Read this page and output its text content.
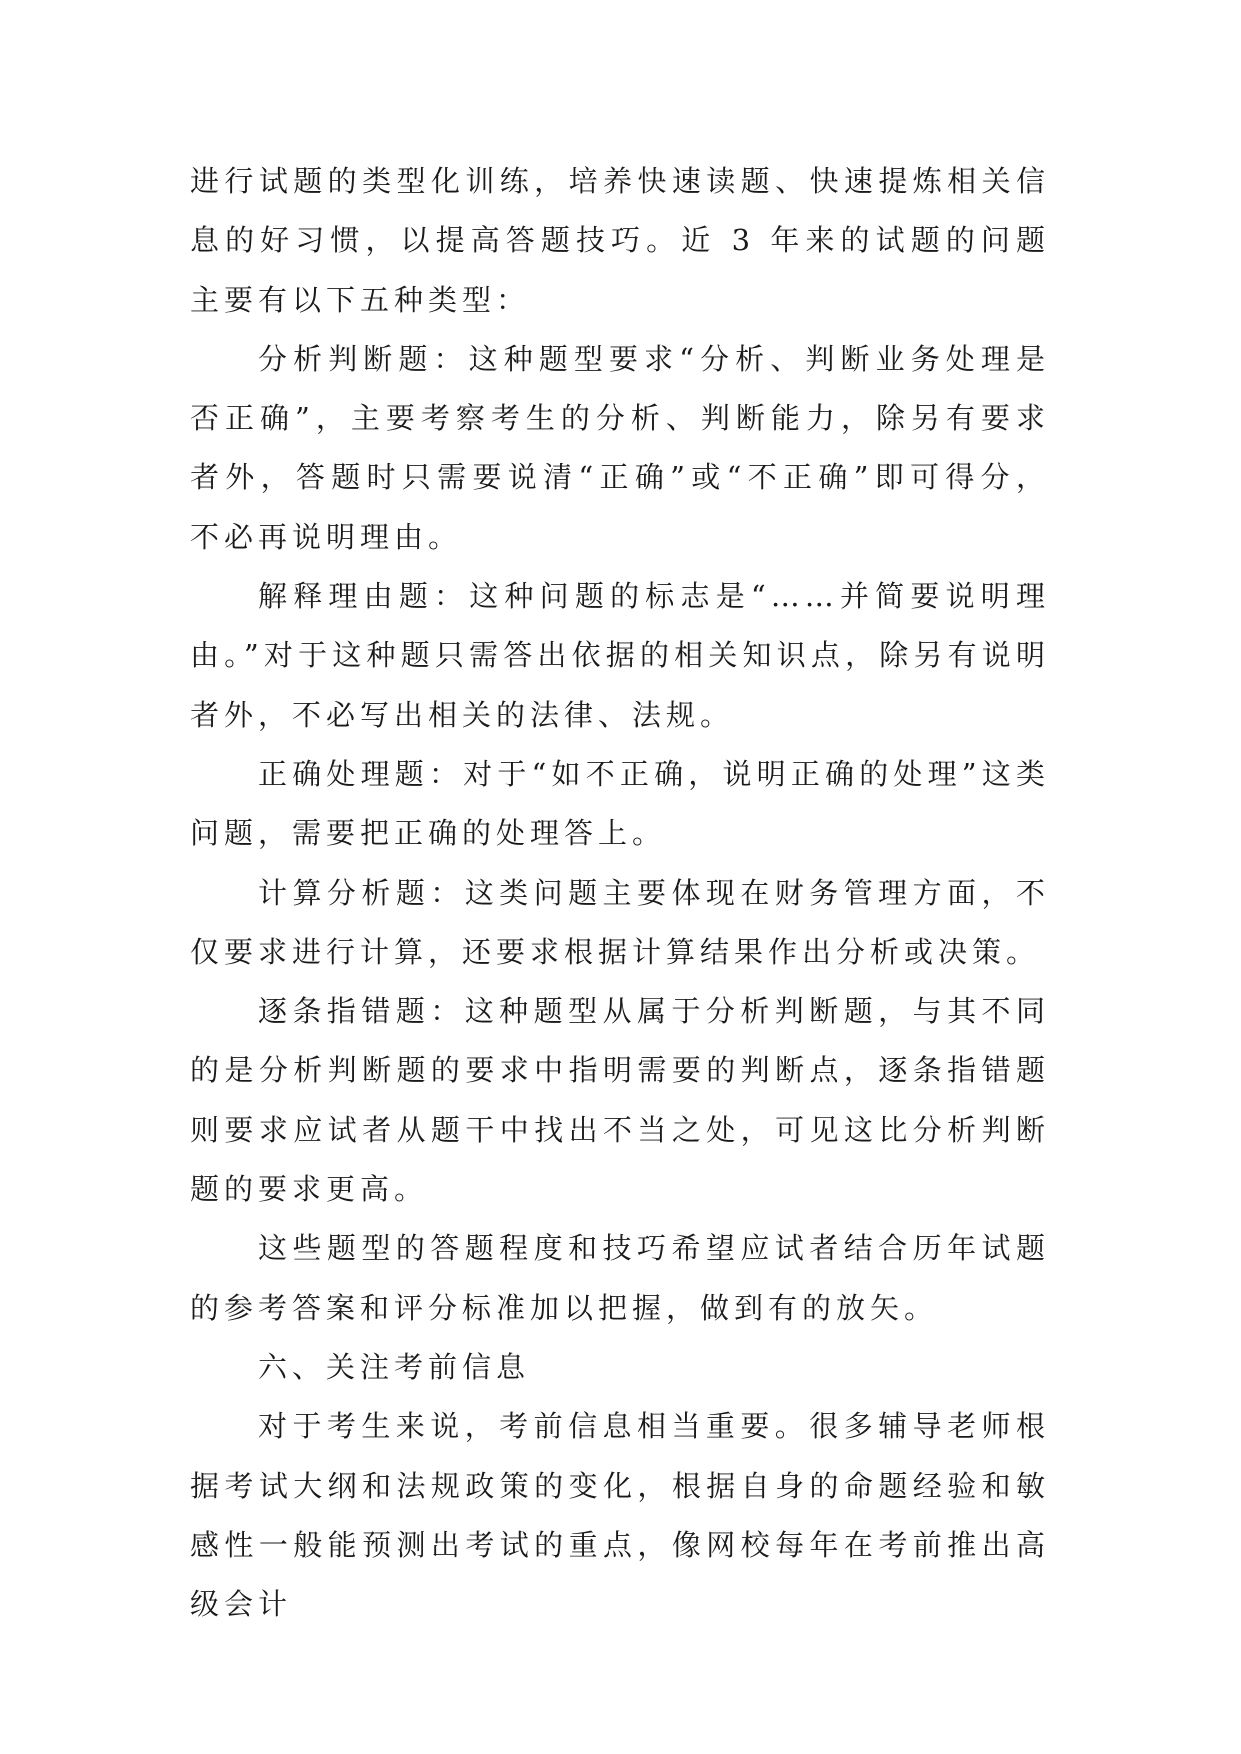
进行试题的类型化训练，培养快速读题、快速提炼相关信息的好习惯，以提高答题技巧。近 3 年来的试题的问题主要有以下五种类型：

分析判断题：这种题型要求“分析、判断业务处理是否正确”，主要考察考生的分析、判断能力，除另有要求者外，答题时只需要说清“正确”或“不正确”即可得分，不必再说明理由。

解释理由题：这种问题的标志是“……并简要说明理由。”对于这种题只需答出依据的相关知识点，除另有说明者外，不必写出相关的法律、法规。

正确处理题：对于“如不正确，说明正确的处理”这类问题，需要把正确的处理答上。

计算分析题：这类问题主要体现在财务管理方面，不仅要求进行计算，还要求根据计算结果作出分析或决策。

逐条指错题：这种题型从属于分析判断题，与其不同的是分析判断题的要求中指明需要的判断点，逐条指错题则要求应试者从题干中找出不当之处，可见这比分析判断题的要求更高。

这些题型的答题程度和技巧希望应试者结合历年试题的参考答案和评分标准加以把握，做到有的放矢。

六、关注考前信息

对于考生来说，考前信息相当重要。很多辅导老师根据考试大纲和法规政策的变化，根据自身的命题经验和敏感性一般能预测出考试的重点，像网校每年在考前推出高级会计
